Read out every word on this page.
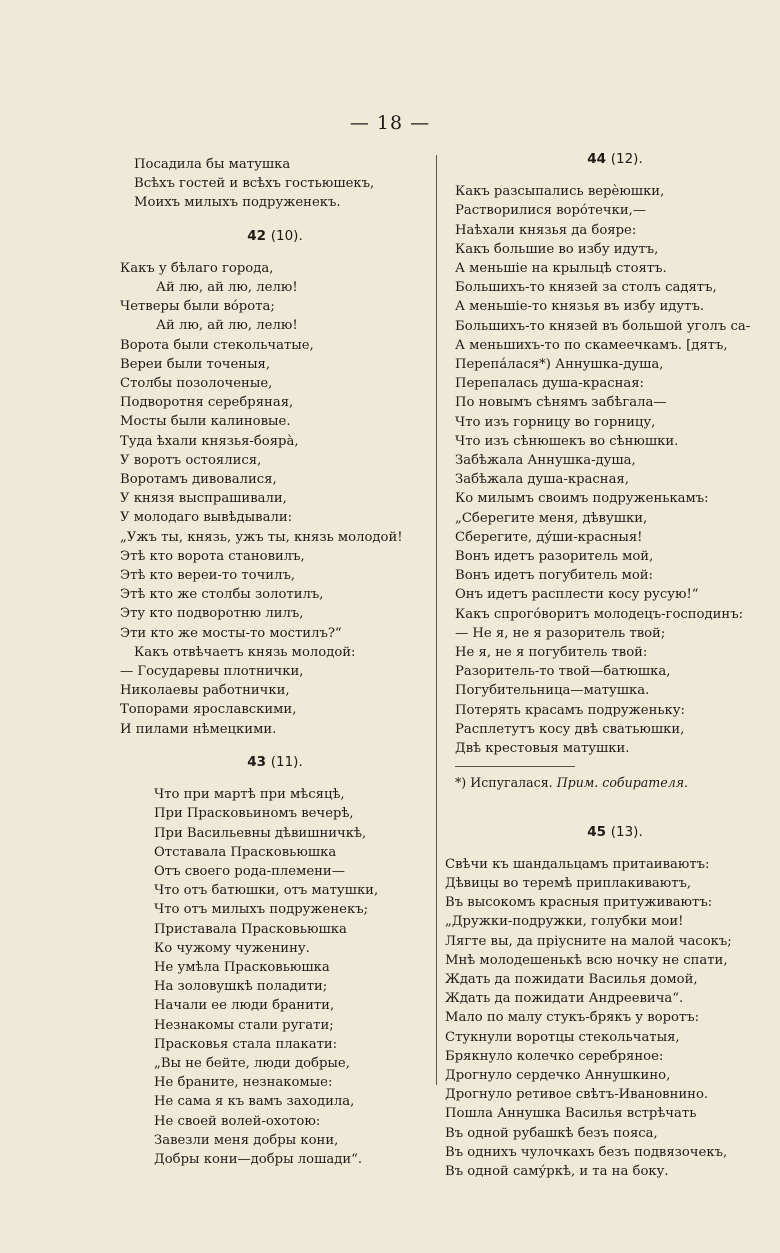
— 18 —
Посадила бы матушка
Всѣхъ гостей и всѣхъ гостьюшекъ,
Моихъ милыхъ подруженекъ.
42 (10).
Какъ у бѣлаго города,
Ай лю, ай лю, лелю!
Четверы были во́рота;
Ай лю, ай лю, лелю!
Ворота были стекольчатые,
Вереи были точеныя,
Столбы позолоченые,
Подворотня серебряная,
Мосты были калиновые.
Туда ѣхали князья-бояра̀,
У воротъ остоялися,
Воротамъ дивовалися,
У князя выспрашивали,
У молодаго вывѣдывали:
„Ужъ ты, князь, ужъ ты, князь молодой!
Этѣ кто ворота становилъ,
Этѣ кто вереи-то точилъ,
Этѣ кто же столбы золотилъ,
Эту кто подворотню лилъ,
Эти кто же мосты-то мостилъ?“
Какъ отвѣчаетъ князь молодой:
— Государевы плотнички,
Николаевы работнички,
Топорами ярославскими,
И пилами нѣмецкими.
43 (11).
Что при мартѣ при мѣсяцѣ,
При Прасковьиномъ вечерѣ,
При Васильевны дѣвишничкѣ,
Отставала Прасковьюшка
Отъ своего рода-племени—
Что отъ батюшки, отъ матушки,
Что отъ милыхъ подруженекъ;
Приставала Прасковьюшка
Ко чужому чуженину.
Не умѣла Прасковьюшка
На золовушкѣ поладити;
Начали ее люди бранити,
Незнакомы стали ругати;
Прасковья стала плакати:
„Вы не бейте, люди добрые,
Не браните, незнакомые:
Не сама я къ вамъ заходила,
Не своей волей-охотою:
Завезли меня добры кони,
Добры кони—добры лошади“.
44 (12).
Какъ разсыпались верѐюшки,
Растворилися воро́течки,—
Наѣхали князья да бояре:
Какъ большие во избу идутъ,
А меньшiе на крыльцѣ стоятъ.
Большихъ-то князей за столъ садятъ,
А меньшiе-то князья въ избу идутъ.
Большихъ-то князей въ большой уголъ са-
А меньшихъ-то по скамеечкамъ. [дятъ,
Перепа́лася*) Аннушка-душа,
Перепалась душа-красная:
По новымъ сѣнямъ забѣгала—
Что изъ горницу во горницу,
Что изъ сѣнюшекъ во сѣнюшки.
Забѣжала Аннушка-душа,
Забѣжала душа-красная,
Ко милымъ своимъ подруженькамъ:
„Сберегите меня, дѣвушки,
Сберегите, ду́ши-красныя!
Вонъ идетъ разоритель мой,
Вонъ идетъ погубитель мой:
Онъ идетъ расплести косу русую!“
Какъ спрого́воритъ молодецъ-господинъ:
— Не я, не я разоритель твой;
Не я, не я погубитель твой:
Разоритель-то твой—батюшка,
Погубительница—матушка.
Потерять красамъ подруженьку:
Расплетутъ косу двѣ сватьюшки,
Двѣ крестовыя матушки.
*) Испугалася. Прим. собирателя.
45 (13).
Свѣчи къ шандальцамъ притаиваютъ:
Дѣвицы во теремѣ приплакиваютъ,
Въ высокомъ красныя притуживаютъ:
„Дружки-подружки, голубки мои!
Лягте вы, да прiусните на малой часокъ;
Мнѣ молодешенькѣ всю ночку не спати,
Ждать да пожидати Василья домой,
Ждать да пожидати Андреевича“.
Мало по малу стукъ-брякъ у воротъ:
Стукнули воротцы стекольчатыя,
Брякнуло колечко серебряное:
Дрогнуло сердечко Аннушкино,
Дрогнуло ретивое свѣтъ-Ивановнино.
Пошла Аннушка Василья встрѣчать
Въ одной рубашкѣ безъ пояса,
Въ однихъ чулочкахъ безъ подвязочекъ,
Въ одной саму́ркѣ, и та на боку.
